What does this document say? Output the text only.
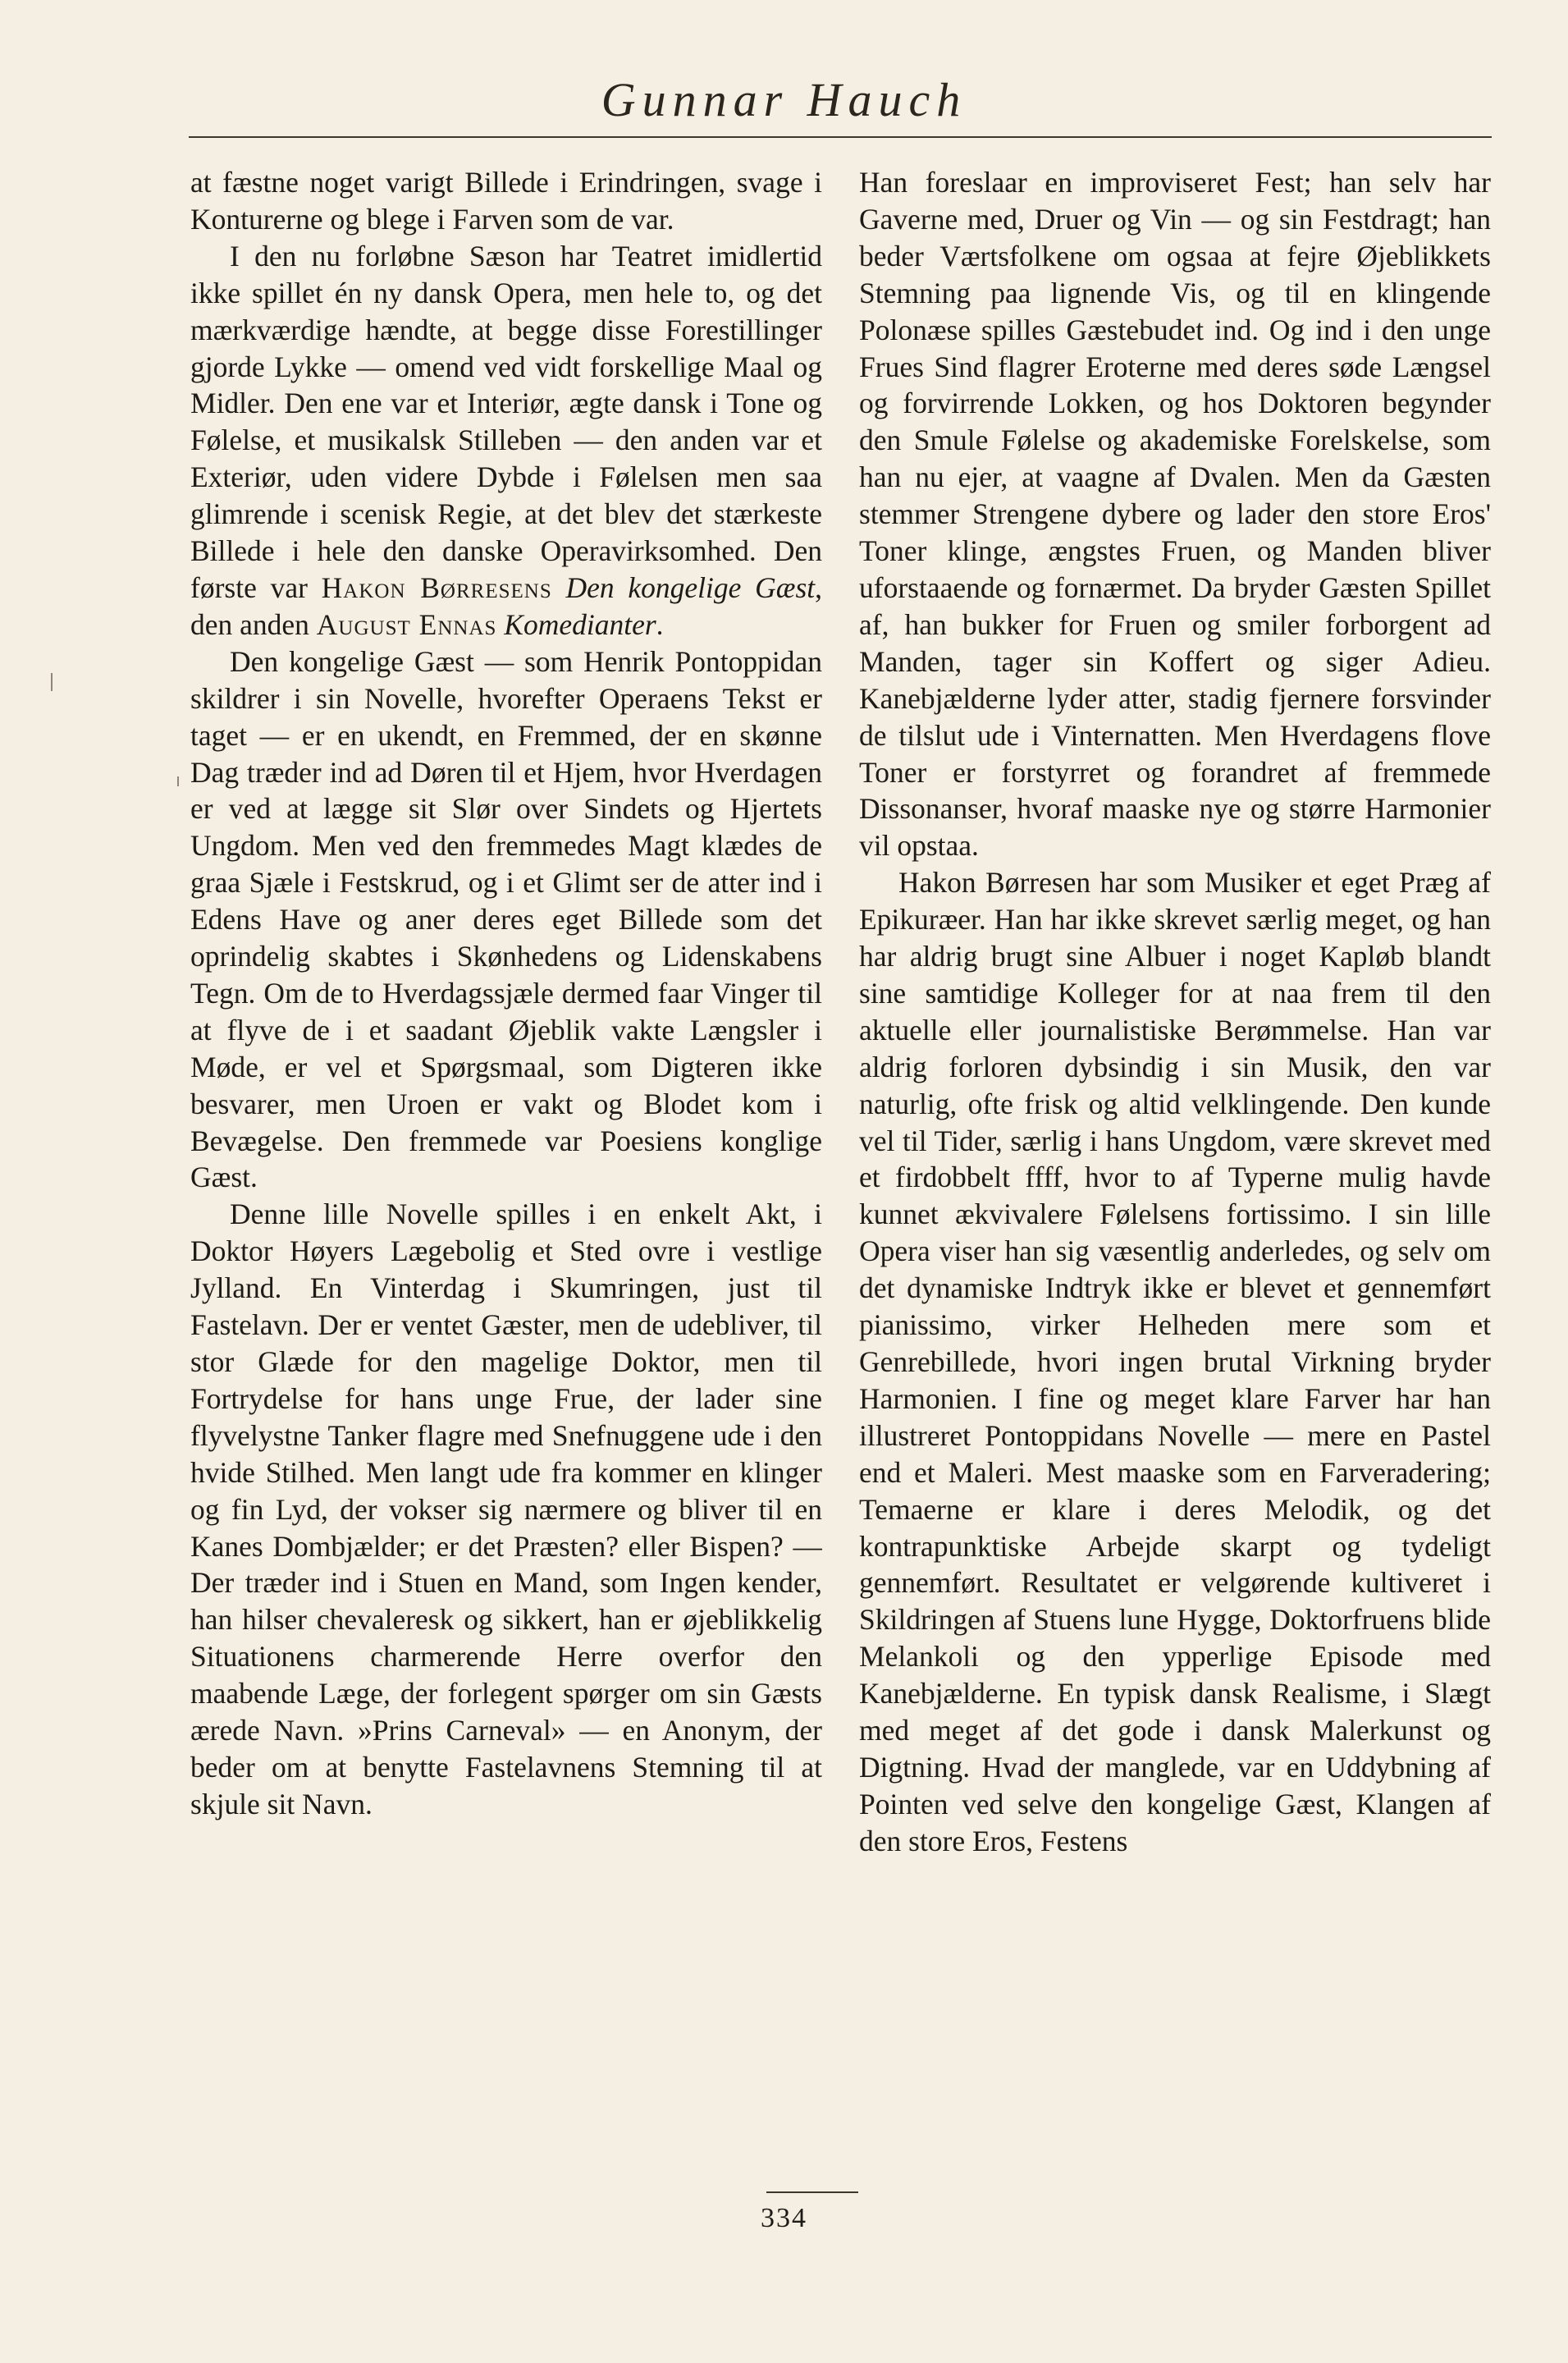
Gunnar Hauch

at fæstne noget varigt Billede i Erindringen, svage i Konturerne og blege i Farven som de var.

I den nu forløbne Sæson har Teatret imidlertid ikke spillet én ny dansk Opera, men hele to, og det mærkværdige hændte, at begge disse Forestillinger gjorde Lykke — omend ved vidt forskellige Maal og Midler. Den ene var et Interiør, ægte dansk i Tone og Følelse, et musikalsk Stilleben — den anden var et Exteriør, uden videre Dybde i Følelsen men saa glimrende i scenisk Regie, at det blev det stærkeste Billede i hele den danske Operavirksomhed. Den første var Hakon Børresens Den kongelige Gæst, den anden August Ennas Komedianter.

Den kongelige Gæst — som Henrik Pontoppidan skildrer i sin Novelle, hvorefter Operaens Tekst er taget — er en ukendt, en Fremmed, der en skønne Dag træder ind ad Døren til et Hjem, hvor Hverdagen er ved at lægge sit Slør over Sindets og Hjertets Ungdom. Men ved den fremmedes Magt klædes de graa Sjæle i Festskrud, og i et Glimt ser de atter ind i Edens Have og aner deres eget Billede som det oprindelig skabtes i Skønhedens og Lidenskabens Tegn. Om de to Hverdagssjæle dermed faar Vinger til at flyve de i et saadant Øjeblik vakte Længsler i Møde, er vel et Spørgsmaal, som Digteren ikke besvarer, men Uroen er vakt og Blodet kom i Bevægelse. Den fremmede var Poesiens konglige Gæst.

Denne lille Novelle spilles i en enkelt Akt, i Doktor Høyers Lægebolig et Sted ovre i vestlige Jylland. En Vinterdag i Skumringen, just til Fastelavn. Der er ventet Gæster, men de udebliver, til stor Glæde for den magelige Doktor, men til Fortrydelse for hans unge Frue, der lader sine flyvelystne Tanker flagre med Snefnuggene ude i den hvide Stilhed. Men langt ude fra kommer en klinger og fin Lyd, der vokser sig nærmere og bliver til en Kanes Dombjælder; er det Præsten? eller Bispen? — Der træder ind i Stuen en Mand, som Ingen kender, han hilser chevaleresk og sikkert, han er øjeblikkelig Situationens charmerende Herre overfor den maabende Læge, der forlegent spørger om sin Gæsts ærede Navn. »Prins Carneval» — en Anonym, der beder om at benytte Fastelavnens Stemning til at skjule sit Navn.

Han foreslaar en improviseret Fest; han selv har Gaverne med, Druer og Vin — og sin Festdragt; han beder Værtsfolkene om ogsaa at fejre Øjeblikkets Stemning paa lignende Vis, og til en klingende Polonæse spilles Gæstebudet ind. Og ind i den unge Frues Sind flagrer Eroterne med deres søde Længsel og forvirrende Lokken, og hos Doktoren begynder den Smule Følelse og akademiske Forelskelse, som han nu ejer, at vaagne af Dvalen. Men da Gæsten stemmer Strengene dybere og lader den store Eros' Toner klinge, ængstes Fruen, og Manden bliver uforstaaende og fornærmet. Da bryder Gæsten Spillet af, han bukker for Fruen og smiler forborgent ad Manden, tager sin Koffert og siger Adieu. Kanebjælderne lyder atter, stadig fjernere forsvinder de tilslut ude i Vinternatten. Men Hverdagens flove Toner er forstyrret og forandret af fremmede Dissonanser, hvoraf maaske nye og større Harmonier vil opstaa.

Hakon Børresen har som Musiker et eget Præg af Epikuræer. Han har ikke skrevet særlig meget, og han har aldrig brugt sine Albuer i noget Kapløb blandt sine samtidige Kolleger for at naa frem til den aktuelle eller journalistiske Berømmelse. Han var aldrig forloren dybsindig i sin Musik, den var naturlig, ofte frisk og altid velklingende. Den kunde vel til Tider, særlig i hans Ungdom, være skrevet med et firdobbelt ffff, hvor to af Typerne mulig havde kunnet ækvivalere Følelsens fortissimo. I sin lille Opera viser han sig væsentlig anderledes, og selv om det dynamiske Indtryk ikke er blevet et gennemført pianissimo, virker Helheden mere som et Genrebillede, hvori ingen brutal Virkning bryder Harmonien. I fine og meget klare Farver har han illustreret Pontoppidans Novelle — mere en Pastel end et Maleri. Mest maaske som en Farveradering; Temaerne er klare i deres Melodik, og det kontrapunktiske Arbejde skarpt og tydeligt gennemført. Resultatet er velgørende kultiveret i Skildringen af Stuens lune Hygge, Doktorfruens blide Melankoli og den ypperlige Episode med Kanebjælderne. En typisk dansk Realisme, i Slægt med meget af det gode i dansk Malerkunst og Digtning. Hvad der manglede, var en Uddybning af Pointen ved selve den kongelige Gæst, Klangen af den store Eros, Festens

334
